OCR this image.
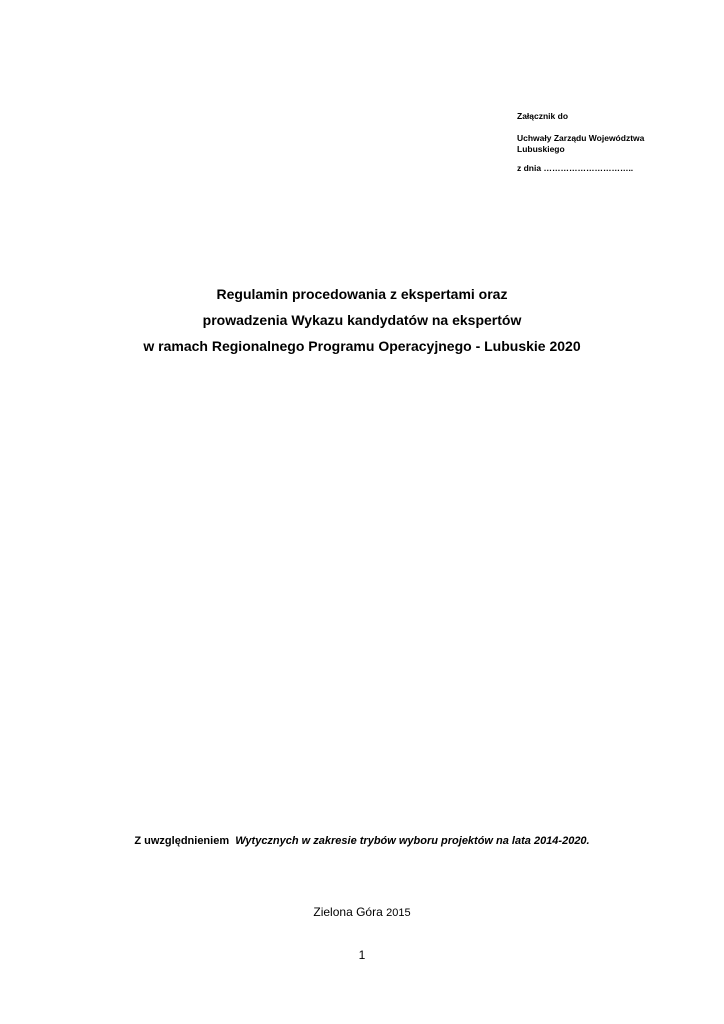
Załącznik do

Uchwały Zarządu Województwa

Lubuskiego

z dnia …………………………..

Regulamin procedowania z ekspertami oraz
prowadzenia Wykazu kandydatów na ekspertów
w ramach Regionalnego Programu Operacyjnego - Lubuskie 2020
Z uwzględnieniem Wytycznych w zakresie trybów wyboru projektów na lata 2014-2020.
Zielona Góra 2015
1
